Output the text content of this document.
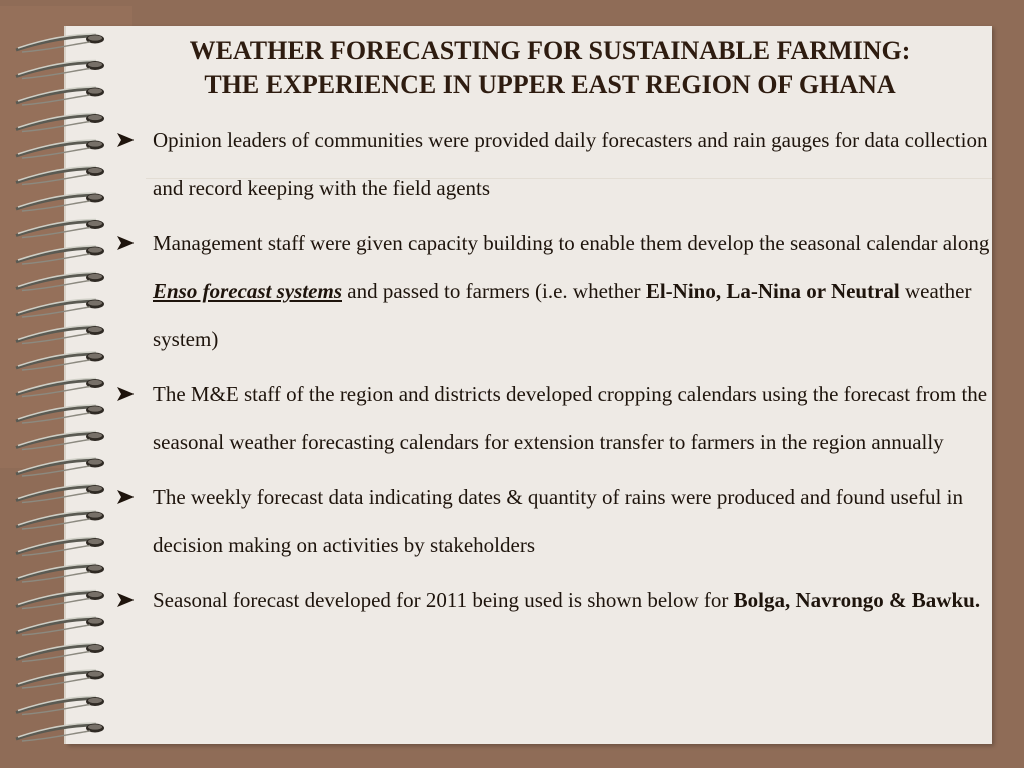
WEATHER FORECASTING FOR SUSTAINABLE FARMING:
THE EXPERIENCE IN UPPER EAST REGION OF GHANA
Opinion leaders of communities were provided daily forecasters and rain gauges for data collection and record keeping with the field agents
Management staff were given capacity building to enable them develop the seasonal calendar along Enso forecast systems and passed to farmers (i.e. whether El-Nino, La-Nina or Neutral weather system)
The M&E staff of the region and districts developed cropping calendars using the forecast from the seasonal weather forecasting calendars for extension transfer to farmers in the region annually
The weekly forecast data indicating dates & quantity of rains were produced and found useful in decision making on activities by stakeholders
Seasonal forecast developed for 2011 being used is shown below for Bolga, Navrongo & Bawku.
